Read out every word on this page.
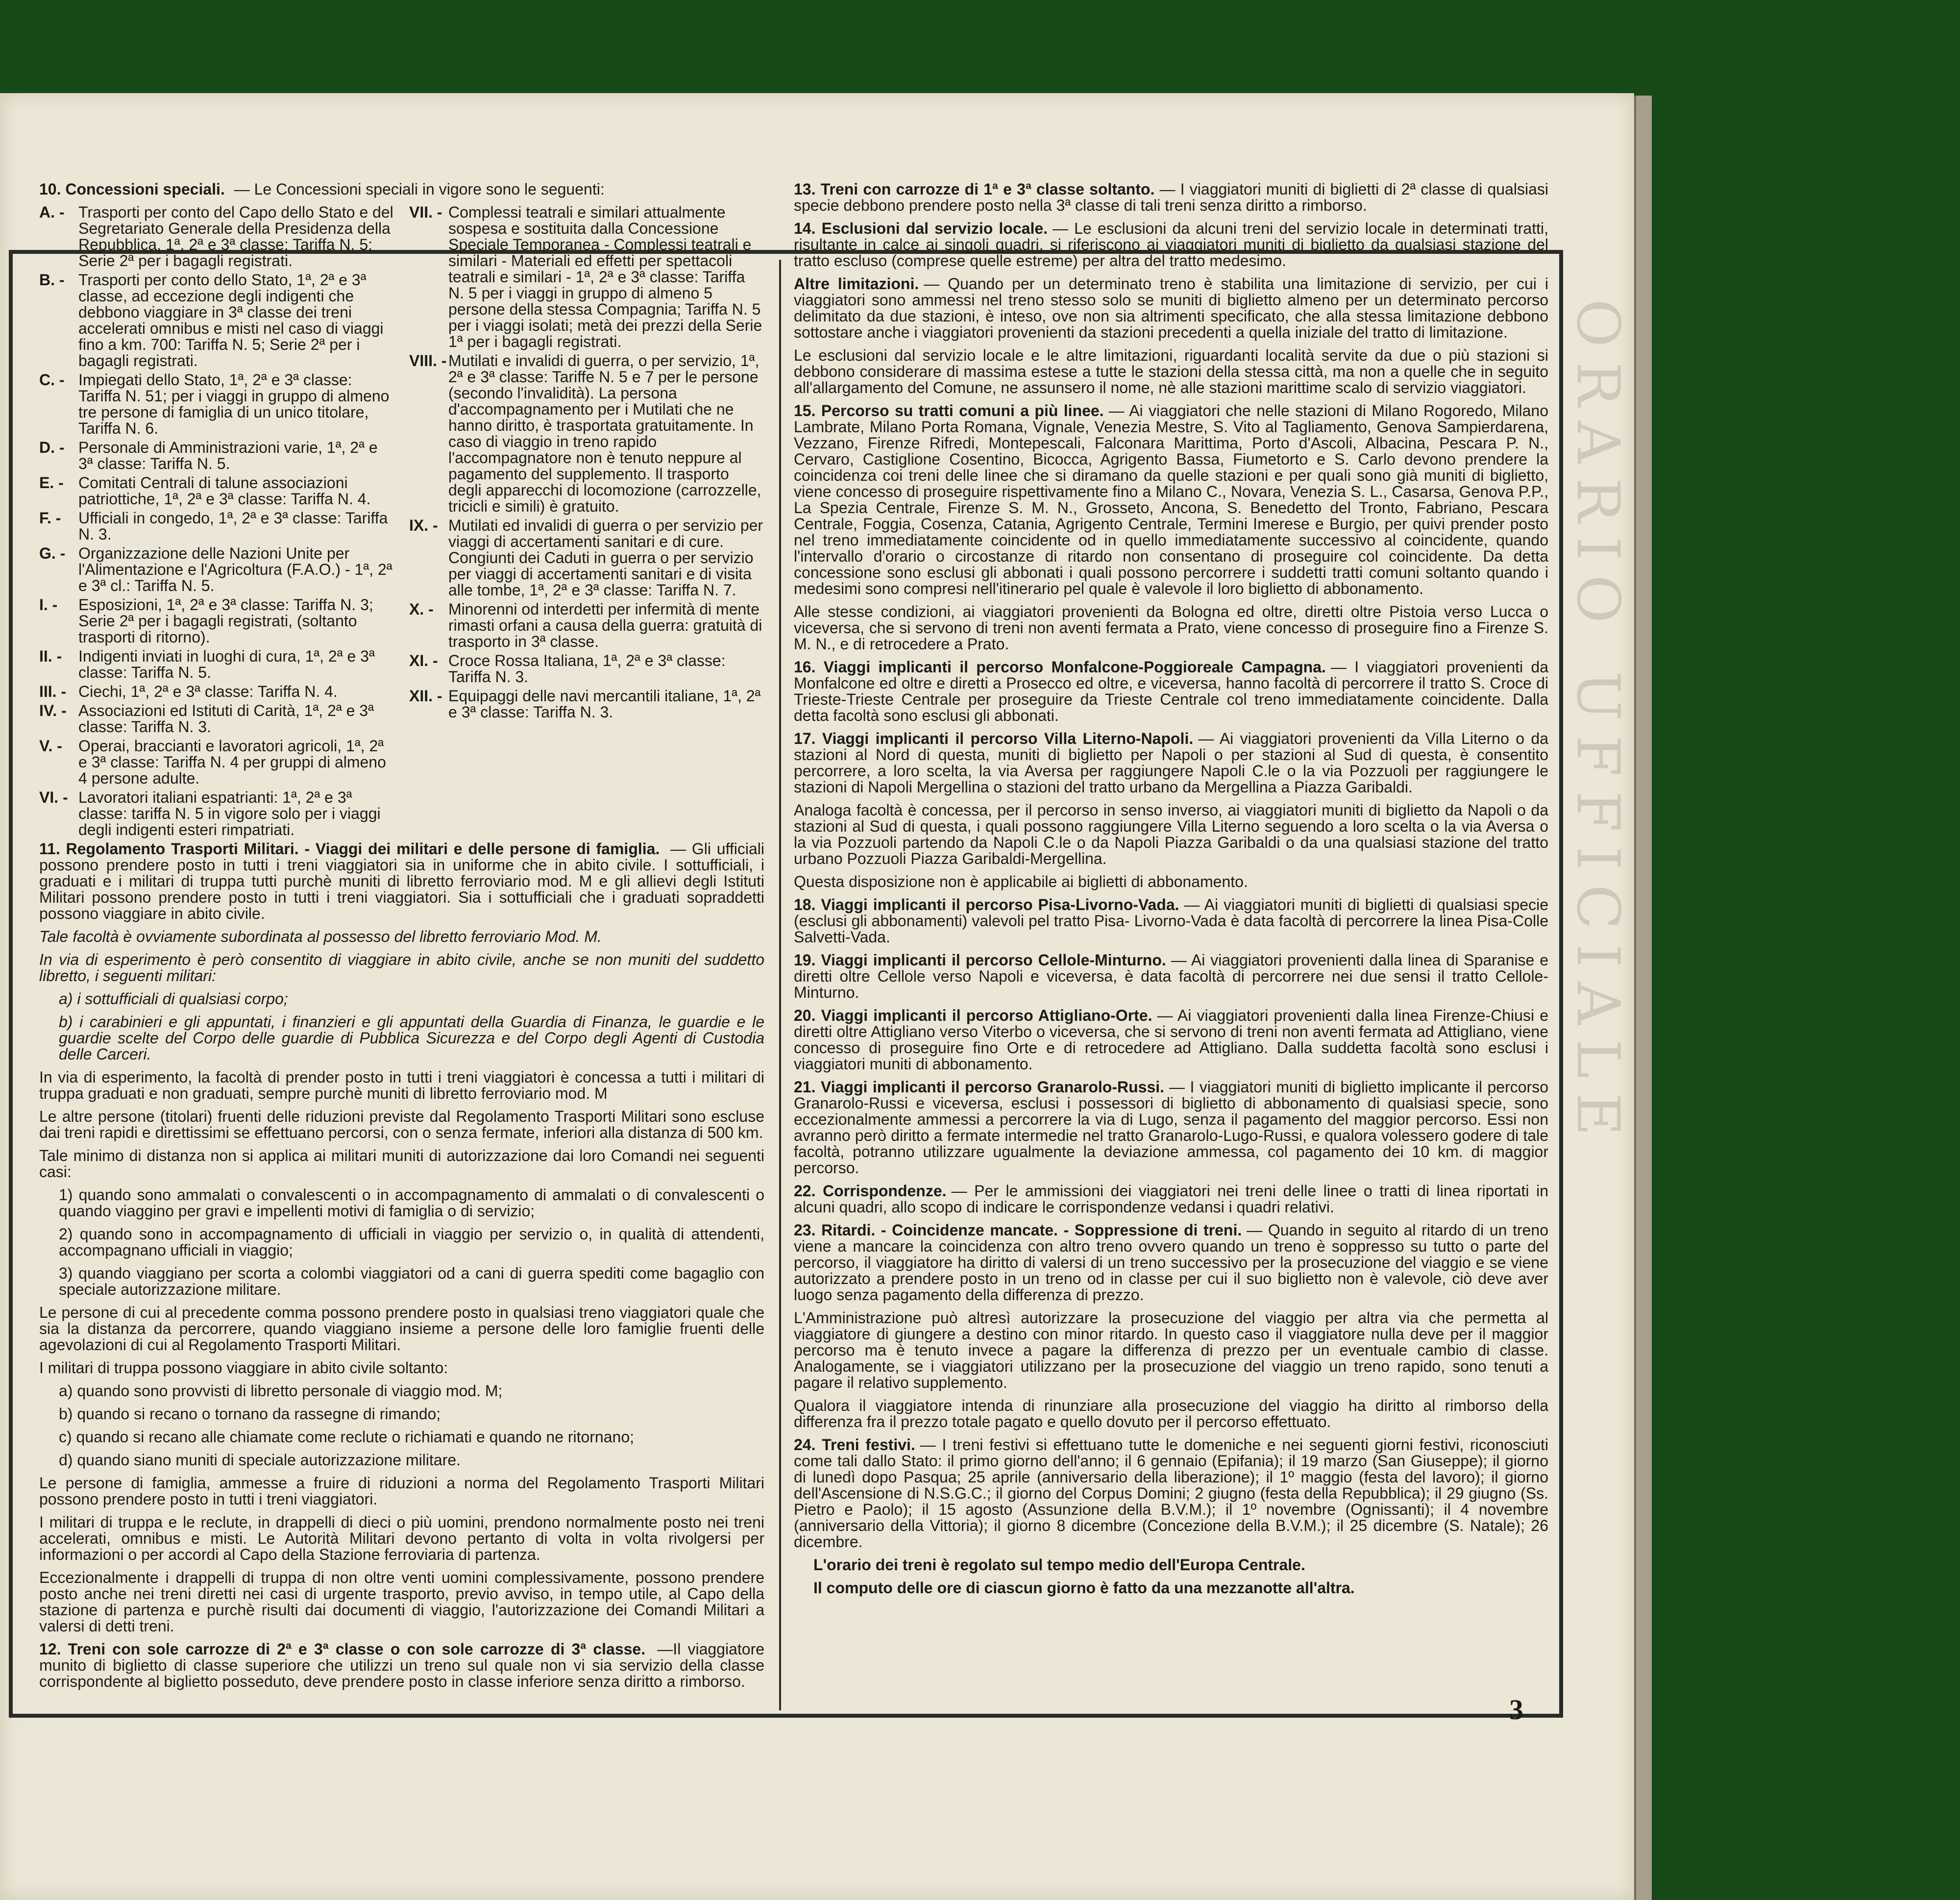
ORARIO UFFICIALE

10. Concessioni speciali. — Le Concessioni speciali in vigore sono le seguenti:

A. - Trasporti per conto del Capo dello Stato e del Segretariato Generale della Presidenza della Repubblica, 1ª, 2ª e 3ª classe: Tariffa N. 5; Serie 2ª per i bagagli registrati.
B. - Trasporti per conto dello Stato, 1ª, 2ª e 3ª classe, ad eccezione degli indigenti che debbono viaggiare in 3ª classe dei treni accelerati omnibus e misti nel caso di viaggi fino a km. 700: Tariffa N. 5; Serie 2ª per i bagagli registrati.
C. - Impiegati dello Stato, 1ª, 2ª e 3ª classe: Tariffa N. 51; per i viaggi in gruppo di almeno tre persone di famiglia di un unico titolare, Tariffa N. 6.
D. - Personale di Amministrazioni varie, 1ª, 2ª e 3ª classe: Tariffa N. 5.
E. - Comitati Centrali di talune associazioni patriottiche, 1ª, 2ª e 3ª classe: Tariffa N. 4.
F. -	Ufficiali in congedo, 1ª, 2ª e 3ª classe: Tariffa N. 3.
G. - Organizzazione delle Nazioni Unite per l'Alimentazione e l'Agricoltura (F.A.O.) - 1ª, 2ª e 3ª cl.: Tariffa N. 5.
I. -	Esposizioni, 1ª, 2ª e 3ª classe: Tariffa N. 3; Serie 2ª per i bagagli registrati, (soltanto trasporti di ritorno).
II. -	Indigenti inviati in luoghi di cura, 1ª, 2ª e 3ª classe: Tariffa N. 5.
III. - Ciechi, 1ª, 2ª e 3ª classe: Tariffa N. 4.
IV. - Associazioni ed Istituti di Carità, 1ª, 2ª e 3ª classe: Tariffa N. 3.
V. -	Operai, braccianti e lavoratori agricoli, 1ª, 2ª e 3ª classe: Tariffa N. 4 per gruppi di almeno 4 persone adulte.
VI. - Lavoratori italiani espatrianti: 1ª, 2ª e 3ª classe: tariffa N. 5 in vigore solo per i viaggi degli indigenti esteri rimpatriati.
VII. - Complessi teatrali e similari attualmente sospesa e sostituita dalla Concessione Speciale Temporanea - Complessi teatrali e similari - Materiali ed effetti per spettacoli teatrali e similari - 1ª, 2ª e 3ª classe: Tariffa N. 5 per i viaggi in gruppo di almeno 5 persone della stessa Compagnia; Tariffa N. 5 per i viaggi isolati; metà dei prezzi della Serie 1ª per i bagagli registrati.
VIII. - Mutilati e invalidi di guerra, o per servizio, 1ª, 2ª e 3ª classe: Tariffe N. 5 e 7 per le persone (secondo l'invalidità). La persona d'accompagnamento per i Mutilati che ne hanno diritto, è trasportata gratuitamente. In caso di viaggio in treno rapido l'accompagnatore non è tenuto neppure al pagamento del supplemento. Il trasporto degli apparecchi di locomozione (carrozzelle, tricicli e simili) è gratuito.
IX. - Mutilati ed invalidi di guerra o per servizio per viaggi di accertamenti sanitari e di cure. Congiunti dei Caduti in guerra o per servizio per viaggi di accertamenti sanitari e di visita alle tombe, 1ª, 2ª e 3ª classe: Tariffa N. 7.
X. - Minorenni od interdetti per infermità di mente rimasti orfani a causa della guerra: gratuità di trasporto in 3ª classe.
XI. - Croce Rossa Italiana, 1ª, 2ª e 3ª classe: Tariffa N. 3.
XII. - Equipaggi delle navi mercantili italiane, 1ª, 2ª e 3ª classe: Tariffa N. 3.

11. Regolamento Trasporti Militari. - Viaggi dei militari e delle persone di famiglia. — Gli ufficiali possono prendere posto in tutti i treni viaggiatori sia in uniforme che in abito civile. I sottufficiali, i graduati e i militari di truppa tutti purchè muniti di libretto ferroviario mod. M e gli allievi degli Istituti Militari possono prendere posto in tutti i treni viaggiatori. Sia i sottufficiali che i graduati sopraddetti possono viaggiare in abito civile.

Tale facoltà è ovviamente subordinata al possesso del libretto ferroviario Mod. M.

In via di esperimento è però consentito di viaggiare in abito civile, anche se non muniti del suddetto libretto, i seguenti militari:

a) i sottufficiali di qualsiasi corpo;

b) i carabinieri e gli appuntati, i finanzieri e gli appuntati della Guardia di Finanza, le guardie e le guardie scelte del Corpo delle guardie di Pubblica Sicurezza e del Corpo degli Agenti di Custodia delle Carceri.

In via di esperimento, la facoltà di prender posto in tutti i treni viaggiatori è concessa a tutti i militari di truppa graduati e non graduati, sempre purchè muniti di libretto ferroviario mod. M

Le altre persone (titolari) fruenti delle riduzioni previste dal Regolamento Trasporti Militari sono escluse dai treni rapidi e direttissimi se effettuano percorsi, con o senza fermate, inferiori alla distanza di 500 km.

Tale minimo di distanza non si applica ai militari muniti di autorizzazione dai loro Comandi nei seguenti casi:

1) quando sono ammalati o convalescenti o in accompagnamento di ammalati o di convalescenti o quando viaggino per gravi e impellenti motivi di famiglia o di servizio;

2) quando sono in accompagnamento di ufficiali in viaggio per servizio o, in qualità di attendenti, accompagnano ufficiali in viaggio;

3) quando viaggiano per scorta a colombi viaggiatori od a cani di guerra spediti come bagaglio con speciale autorizzazione militare.

Le persone di cui al precedente comma possono prendere posto in qualsiasi treno viaggiatori quale che sia la distanza da percorrere, quando viaggiano insieme a persone delle loro famiglie fruenti delle agevolazioni di cui al Regolamento Trasporti Militari.

I militari di truppa possono viaggiare in abito civile soltanto:

a) quando sono provvisti di libretto personale di viaggio mod. M;

b) quando si recano o tornano da rassegne di rimando;

c) quando si recano alle chiamate come reclute o richiamati e quando ne ritornano;

d) quando siano muniti di speciale autorizzazione militare.

Le persone di famiglia, ammesse a fruire di riduzioni a norma del Regolamento Trasporti Militari possono prendere posto in tutti i treni viaggiatori.

I militari di truppa e le reclute, in drappelli di dieci o più uomini, prendono normalmente posto nei treni accelerati, omnibus e misti. Le Autorità Militari devono pertanto di volta in volta rivolgersi per informazioni o per accordi al Capo della Stazione ferroviaria di partenza.

Eccezionalmente i drappelli di truppa di non oltre venti uomini complessivamente, possono prendere posto anche nei treni diretti nei casi di urgente trasporto, previo avviso, in tempo utile, al Capo della stazione di partenza e purchè risulti dai documenti di viaggio, l'autorizzazione dei Comandi Militari a valersi di detti treni.

12. Treni con sole carrozze di 2ª e 3ª classe o con sole carrozze di 3ª classe. —Il viaggiatore munito di biglietto di classe superiore che utilizzi un treno sul quale non vi sia servizio della classe corrispondente al biglietto posseduto, deve prendere posto in classe inferiore senza diritto a rimborso.

13. Treni con carrozze di 1ª e 3ª classe soltanto. — I viaggiatori muniti di biglietti di 2ª classe di qualsiasi specie debbono prendere posto nella 3ª classe di tali treni senza diritto a rimborso.

14. Esclusioni dal servizio locale. — Le esclusioni da alcuni treni del servizio locale in determinati tratti, risultante in calce ai singoli quadri, si riferiscono ai viaggiatori muniti di biglietto da qualsiasi stazione del tratto escluso (comprese quelle estreme) per altra del tratto medesimo.

Altre limitazioni. — Quando per un determinato treno è stabilita una limitazione di servizio, per cui i viaggiatori sono ammessi nel treno stesso solo se muniti di biglietto almeno per un determinato percorso delimitato da due stazioni, è inteso, ove non sia altrimenti specificato, che alla stessa limitazione debbono sottostare anche i viaggiatori provenienti da stazioni precedenti a quella iniziale del tratto di limitazione.

Le esclusioni dal servizio locale e le altre limitazioni, riguardanti località servite da due o più stazioni si debbono considerare di massima estese a tutte le stazioni della stessa città, ma non a quelle che in seguito all'allargamento del Comune, ne assunsero il nome, nè alle stazioni marittime scalo di servizio viaggiatori.

15. Percorso su tratti comuni a più linee. — Ai viaggiatori che nelle stazioni di Milano Rogoredo, Milano Lambrate, Milano Porta Romana, Vignale, Venezia Mestre, S. Vito al Tagliamento, Genova Sampierdarena, Vezzano, Firenze Rifredi, Montepescali, Falconara Marittima, Porto d'Ascoli, Albacina, Pescara P. N., Cervaro, Castiglione Cosentino, Bicocca, Agrigento Bassa, Fiumetorto e S. Carlo devono prendere la coincidenza coi treni delle linee che si diramano da quelle stazioni e per quali sono già muniti di biglietto, viene concesso di proseguire rispettivamente fino a Milano C., Novara, Venezia S. L., Casarsa, Genova P.P., La Spezia Centrale, Firenze S. M. N., Grosseto, Ancona, S. Benedetto del Tronto, Fabriano, Pescara Centrale, Foggia, Cosenza, Catania, Agrigento Centrale, Termini Imerese e Burgio, per quivi prender posto nel treno immediatamente coincidente od in quello immediatamente successivo al coincidente, quando l'intervallo d'orario o circostanze di ritardo non consentano di proseguire col coincidente. Da detta concessione sono esclusi gli abbonati i quali possono percorrere i suddetti tratti comuni soltanto quando i medesimi sono compresi nell'itinerario pel quale è valevole il loro biglietto di abbonamento.

Alle stesse condizioni, ai viaggiatori provenienti da Bologna ed oltre, diretti oltre Pistoia verso Lucca o viceversa, che si servono di treni non aventi fermata a Prato, viene concesso di proseguire fino a Firenze S. M. N., e di retrocedere a Prato.

16. Viaggi implicanti il percorso Monfalcone-Poggioreale Campagna. — I viaggiatori provenienti da Monfalcone ed oltre e diretti a Prosecco ed oltre, e viceversa, hanno facoltà di percorrere il tratto S. Croce di Trieste-Trieste Centrale per proseguire da Trieste Centrale col treno immediatamente coincidente. Dalla detta facoltà sono esclusi gli abbonati.

17. Viaggi implicanti il percorso Villa Literno-Napoli. — Ai viaggiatori provenienti da Villa Literno o da stazioni al Nord di questa, muniti di biglietto per Napoli o per stazioni al Sud di questa, è consentito percorrere, a loro scelta, la via Aversa per raggiungere Napoli C.le o la via Pozzuoli per raggiungere le stazioni di Napoli Mergellina o stazioni del tratto urbano da Mergellina a Piazza Garibaldi.

Analoga facoltà è concessa, per il percorso in senso inverso, ai viaggiatori muniti di biglietto da Napoli o da stazioni al Sud di questa, i quali possono raggiungere Villa Literno seguendo a loro scelta o la via Aversa o la via Pozzuoli partendo da Napoli C.le o da Napoli Piazza Garibaldi o da una qualsiasi stazione del tratto urbano Pozzuoli Piazza Garibaldi-Mergellina.

Questa disposizione non è applicabile ai biglietti di abbonamento.

18. Viaggi implicanti il percorso Pisa-Livorno-Vada. — Ai viaggiatori muniti di biglietti di qualsiasi specie (esclusi gli abbonamenti) valevoli pel tratto Pisa- Livorno-Vada è data facoltà di percorrere la linea Pisa-Colle Salvetti-Vada.

19. Viaggi implicanti il percorso Cellole-Minturno. — Ai viaggiatori provenienti dalla linea di Sparanise e diretti oltre Cellole verso Napoli e viceversa, è data facoltà di percorrere nei due sensi il tratto Cellole-Minturno.

20. Viaggi implicanti il percorso Attigliano-Orte. — Ai viaggiatori provenienti dalla linea Firenze-Chiusi e diretti oltre Attigliano verso Viterbo o viceversa, che si servono di treni non aventi fermata ad Attigliano, viene concesso di proseguire fino Orte e di retrocedere ad Attigliano. Dalla suddetta facoltà sono esclusi i viaggiatori muniti di abbonamento.

21. Viaggi implicanti il percorso Granarolo-Russi. — I viaggiatori muniti di biglietto implicante il percorso Granarolo-Russi e viceversa, esclusi i possessori di biglietto di abbonamento di qualsiasi specie, sono eccezionalmente ammessi a percorrere la via di Lugo, senza il pagamento del maggior percorso. Essi non avranno però diritto a fermate intermedie nel tratto Granarolo-Lugo-Russi, e qualora volessero godere di tale facoltà, potranno utilizzare ugualmente la deviazione ammessa, col pagamento dei 10 km. di maggior percorso.

22. Corrispondenze. — Per le ammissioni dei viaggiatori nei treni delle linee o tratti di linea riportati in alcuni quadri, allo scopo di indicare le corrispondenze vedansi i quadri relativi.

23. Ritardi. - Coincidenze mancate. - Soppressione di treni. — Quando in seguito al ritardo di un treno viene a mancare la coincidenza con altro treno ovvero quando un treno è soppresso su tutto o parte del percorso, il viaggiatore ha diritto di valersi di un treno successivo per la prosecuzione del viaggio e se viene autorizzato a prendere posto in un treno od in classe per cui il suo biglietto non è valevole, ciò deve aver luogo senza pagamento della differenza di prezzo.

L'Amministrazione può altresì autorizzare la prosecuzione del viaggio per altra via che permetta al viaggiatore di giungere a destino con minor ritardo. In questo caso il viaggiatore nulla deve per il maggior percorso ma è tenuto invece a pagare la differenza di prezzo per un eventuale cambio di classe. Analogamente, se i viaggiatori utilizzano per la prosecuzione del viaggio un treno rapido, sono tenuti a pagare il relativo supplemento.

Qualora il viaggiatore intenda di rinunziare alla prosecuzione del viaggio ha diritto al rimborso della differenza fra il prezzo totale pagato e quello dovuto per il percorso effettuato.

24. Treni festivi. — I treni festivi si effettuano tutte le domeniche e nei seguenti giorni festivi, riconosciuti come tali dallo Stato: il primo giorno dell'anno; il 6 gennaio (Epifania); il 19 marzo (San Giuseppe); il giorno di lunedì dopo Pasqua; 25 aprile (anniversario della liberazione); il 1º maggio (festa del lavoro); il giorno dell'Ascensione di N.S.G.C.; il giorno del Corpus Domini; 2 giugno (festa della Repubblica); il 29 giugno (Ss. Pietro e Paolo); il 15 agosto (Assunzione della B.V.M.); il 1º novembre (Ognissanti); il 4 novembre (anniversario della Vittoria); il giorno 8 dicembre (Concezione della B.V.M.); il 25 dicembre (S. Natale); 26 dicembre.

L'orario dei treni è regolato sul tempo medio dell'Europa Centrale.

Il computo delle ore di ciascun giorno è fatto da una mezzanotte all'altra.

3
